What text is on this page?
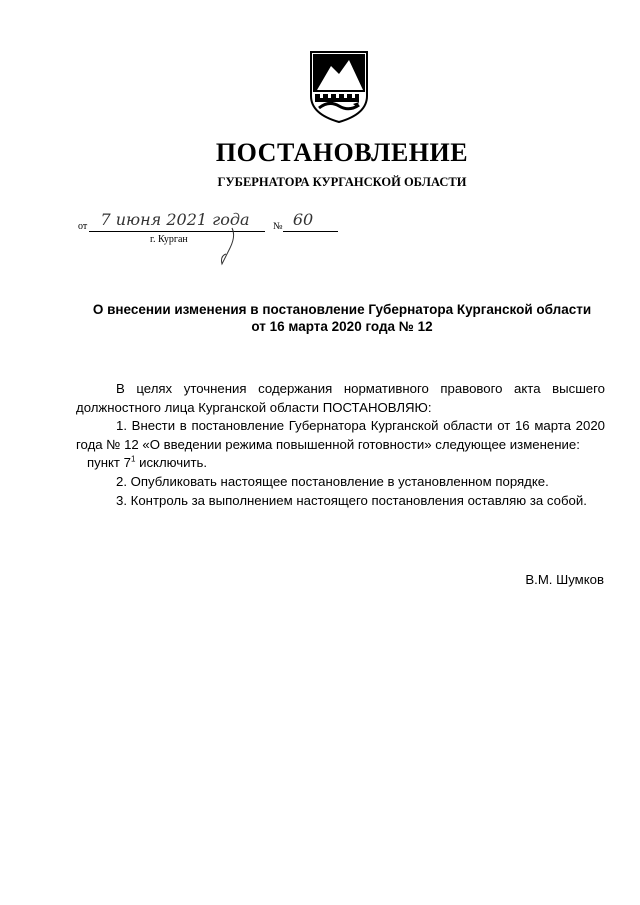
ПОСТАНОВЛЕНИЕ
ГУБЕРНАТОРА КУРГАНСКОЙ ОБЛАСТИ
от 7 июня 2021 года	№ 60
г. Курган
О внесении изменения в постановление Губернатора Курганской области
от 16 марта 2020 года № 12

В целях уточнения содержания нормативного правового акта высшего должностного лица Курганской области ПОСТАНОВЛЯЮ:

1. Внести в постановление Губернатора Курганской области от 16 марта 2020 года № 12 «О введении режима повышенной готовности» следующее изменение:

пункт $7^1$ исключить.

2. Опубликовать настоящее постановление в установленном порядке.

3. Контроль за выполнением настоящего постановления оставляю за собой.

В.М. Шумков
